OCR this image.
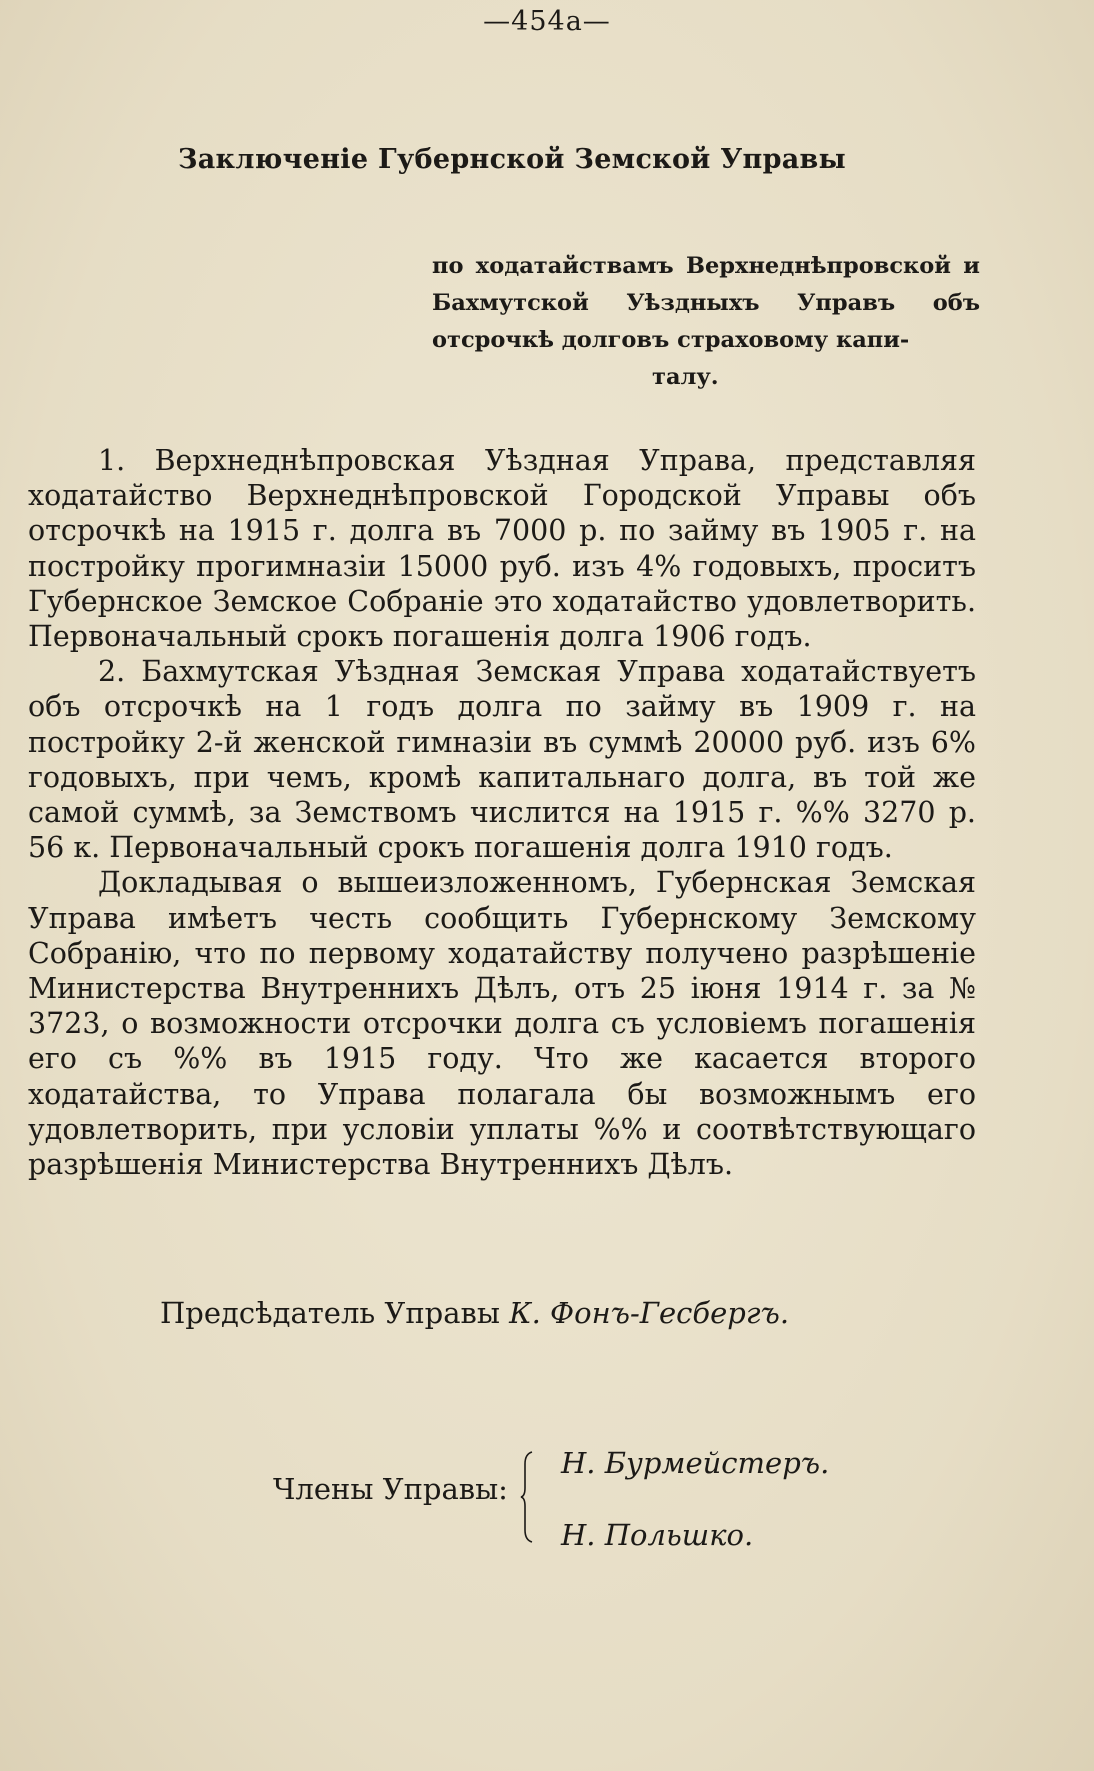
—454а—
Заключеніе Губернской Земской Управы
по ходатайствамъ Верхнеднѣпровской и Бахмутской Уѣздныхъ Управъ объ отсрочкѣ долговъ страховому капи-
талу.

1. Верхнеднѣпровская Уѣздная Управа, представляя ходатайство Верхнеднѣпровской Городской Управы объ отсрочкѣ на 1915 г. долга въ 7000 р. по займу въ 1905 г. на постройку прогимназіи 15000 руб. изъ 4% годовыхъ, проситъ Губернское Земское Собраніе это ходатайство удовлетворить. Первоначальный срокъ погашенія долга 1906 годъ.

2. Бахмутская Уѣздная Земская Управа ходатайствуетъ объ отсрочкѣ на 1 годъ долга по займу въ 1909 г. на постройку 2-й женской гимназіи въ суммѣ 20000 руб. изъ 6% годовыхъ, при чемъ, кромѣ капитальнаго долга, въ той же самой суммѣ, за Земствомъ числится на 1915 г. %% 3270 р. 56 к. Первоначальный срокъ погашенія долга 1910 годъ.

Докладывая о вышеизложенномъ, Губернская Земская Управа имѣетъ честь сообщить Губернскому Земскому Собранію, что по первому ходатайству получено разрѣшеніе Министерства Внутреннихъ Дѣлъ, отъ 25 іюня 1914 г. за № 3723, о возможности отсрочки долга съ условіемъ погашенія его съ %% въ 1915 году. Что же касается второго ходатайства, то Управа полагала бы возможнымъ его удовлетворить, при условіи уплаты %% и соотвѣтствующаго разрѣшенія Министерства Внутреннихъ Дѣлъ.

Предсѣдатель Управы К. Фонъ-Гесбергъ.
Члены Управы:
Н. Бурмейстеръ.
Н. Польшко.
